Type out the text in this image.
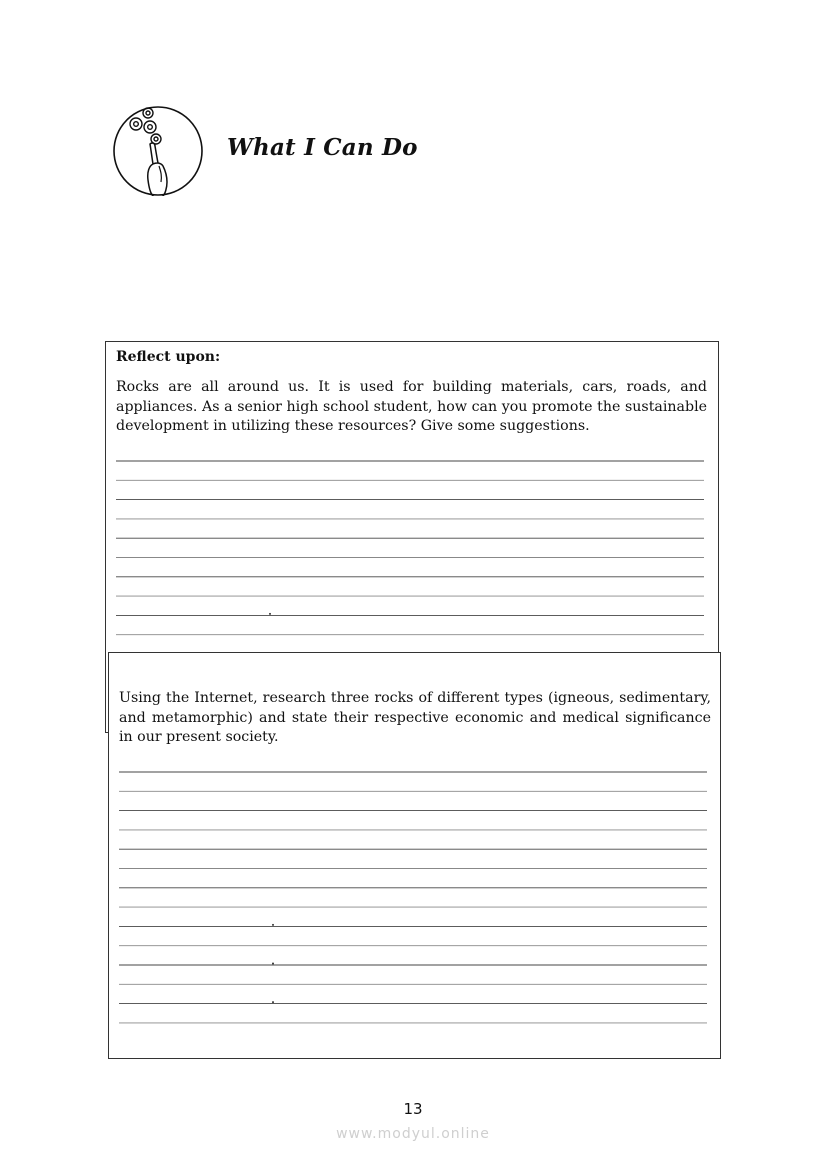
What I Can Do
Reflect upon:

Rocks are all around us. It is used for building materials, cars, roads, and appliances. As a senior high school student, how can you promote the sustainable development in utilizing these resources? Give some suggestions.

Using the Internet, research three rocks of different types (igneous, sedimentary, and metamorphic) and state their respective economic and medical significance in our present society.

13
www.modyul.online
